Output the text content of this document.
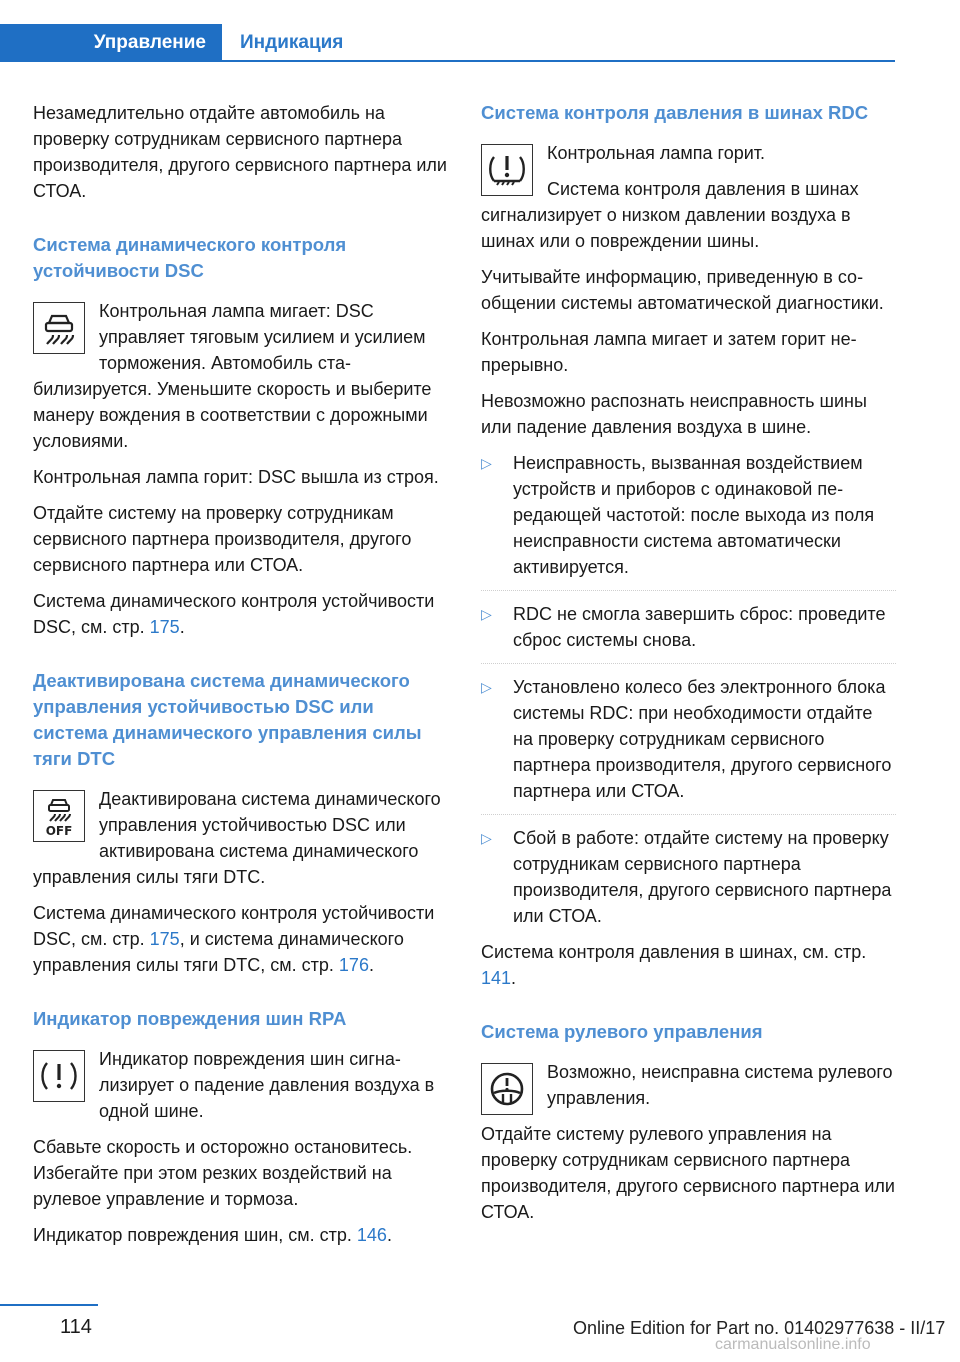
Управление Индикация

Незамедлительно отдайте автомобиль на проверку сотрудникам сервисного партнера производителя, другого сервисного партнера или СТОА.

Система динамического контроля устойчивости DSC

Контрольная лампа мигает: DSC управляет тяговым усилием и усилием торможения. Автомобиль стабилизируется. Уменьшите скорость и выберите манеру вождения в соответствии с дорожными условиями.

Контрольная лампа горит: DSC вышла из строя.

Отдайте систему на проверку сотрудникам сервисного партнера производителя, другого сервисного партнера или СТОА.

Система динамического контроля устойчивости DSC, см. стр. 175.

Деактивирована система динамического управления устойчивостью DSC или система динамического управления силы тяги DTC
OFF

Деактивирована система динамического управления устойчивостью DSC или активирована система динамического управления силы тяги DTC.

Система динамического контроля устойчивости DSC, см. стр. 175, и система динамического управления силы тяги DTC, см. стр. 176.

Индикатор повреждения шин RPA

Индикатор повреждения шин сигнализирует о падение давления воздуха в одной шине.

Сбавьте скорость и осторожно остановитесь. Избегайте при этом резких воздействий на рулевое управление и тормоза.

Индикатор повреждения шин, см. стр. 146.

Система контроля давления в шинах RDC

Контрольная лампа горит.

Система контроля давления в шинах сигнализирует о низком давлении воздуха в шинах или о повреждении шины.

Учитывайте информацию, приведенную в сообщении системы автоматической диагностики.

Контрольная лампа мигает и затем горит непрерывно.

Невозможно распознать неисправность шины или падение давления воздуха в шине.

▷ Неисправность, вызванная воздействием устройств и приборов с одинаковой передающей частотой: после выхода из поля неисправности система автоматически активируется.
▷ RDC не смогла завершить сброс: проведите сброс системы снова.
▷ Установлено колесо без электронного блока системы RDC: при необходимости отдайте на проверку сотрудникам сервисного партнера производителя, другого сервисного партнера или СТОА.
▷ Сбой в работе: отдайте систему на проверку сотрудникам сервисного партнера производителя, другого сервисного партнера или СТОА.

Система контроля давления в шинах, см. стр. 141.

Система рулевого управления

Возможно, неисправна система рулевого управления.

Отдайте систему рулевого управления на проверку сотрудникам сервисного партнера производителя, другого сервисного партнера или СТОА.

114	Online Edition for Part no. 01402977638 - II/17
carmanualsonline.info
